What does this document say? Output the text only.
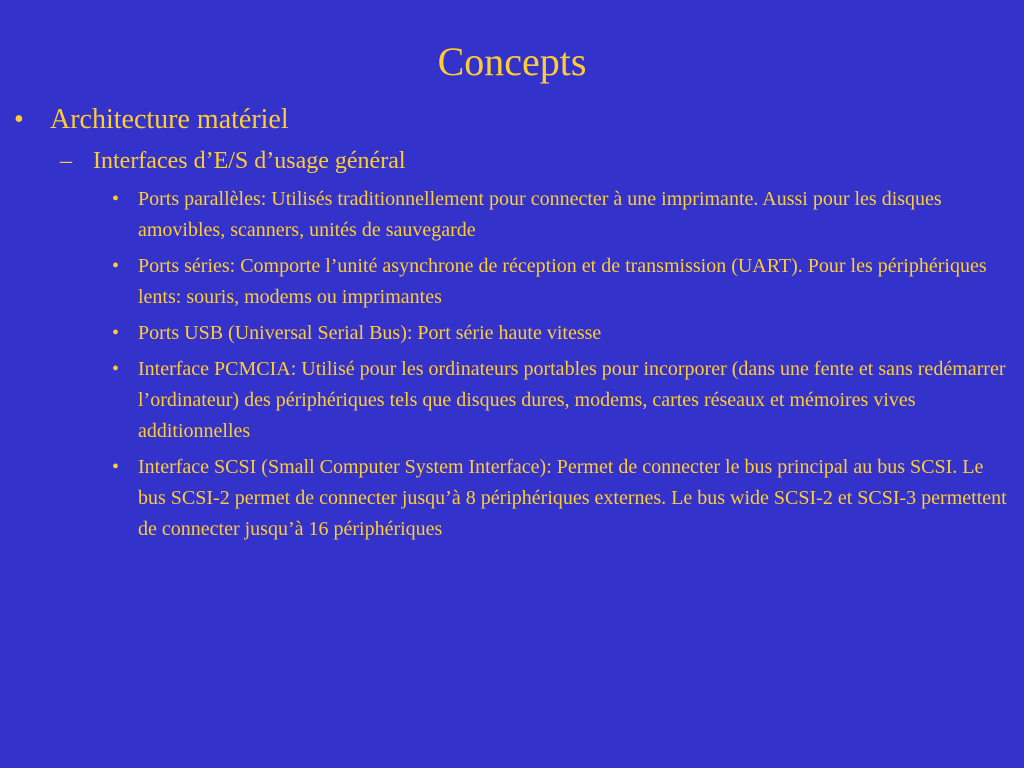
Concepts
• Architecture matériel
– Interfaces d’E/S d’usage général
• Ports parallèles: Utilisés traditionnellement pour connecter à une imprimante. Aussi pour les disques amovibles, scanners, unités de sauvegarde
• Ports séries: Comporte l’unité asynchrone de réception et de transmission (UART). Pour les périphériques lents: souris, modems ou imprimantes
• Ports USB (Universal Serial Bus): Port série haute vitesse
• Interface PCMCIA: Utilisé pour les ordinateurs portables pour incorporer (dans une fente et sans redémarrer l’ordinateur) des périphériques tels que disques dures, modems, cartes réseaux et mémoires vives additionnelles
• Interface SCSI (Small Computer System Interface): Permet de connecter le bus principal au bus SCSI. Le bus SCSI-2 permet de connecter jusqu’à 8 périphériques externes. Le bus wide SCSI-2 et SCSI-3 permettent de connecter jusqu’à 16 périphériques
